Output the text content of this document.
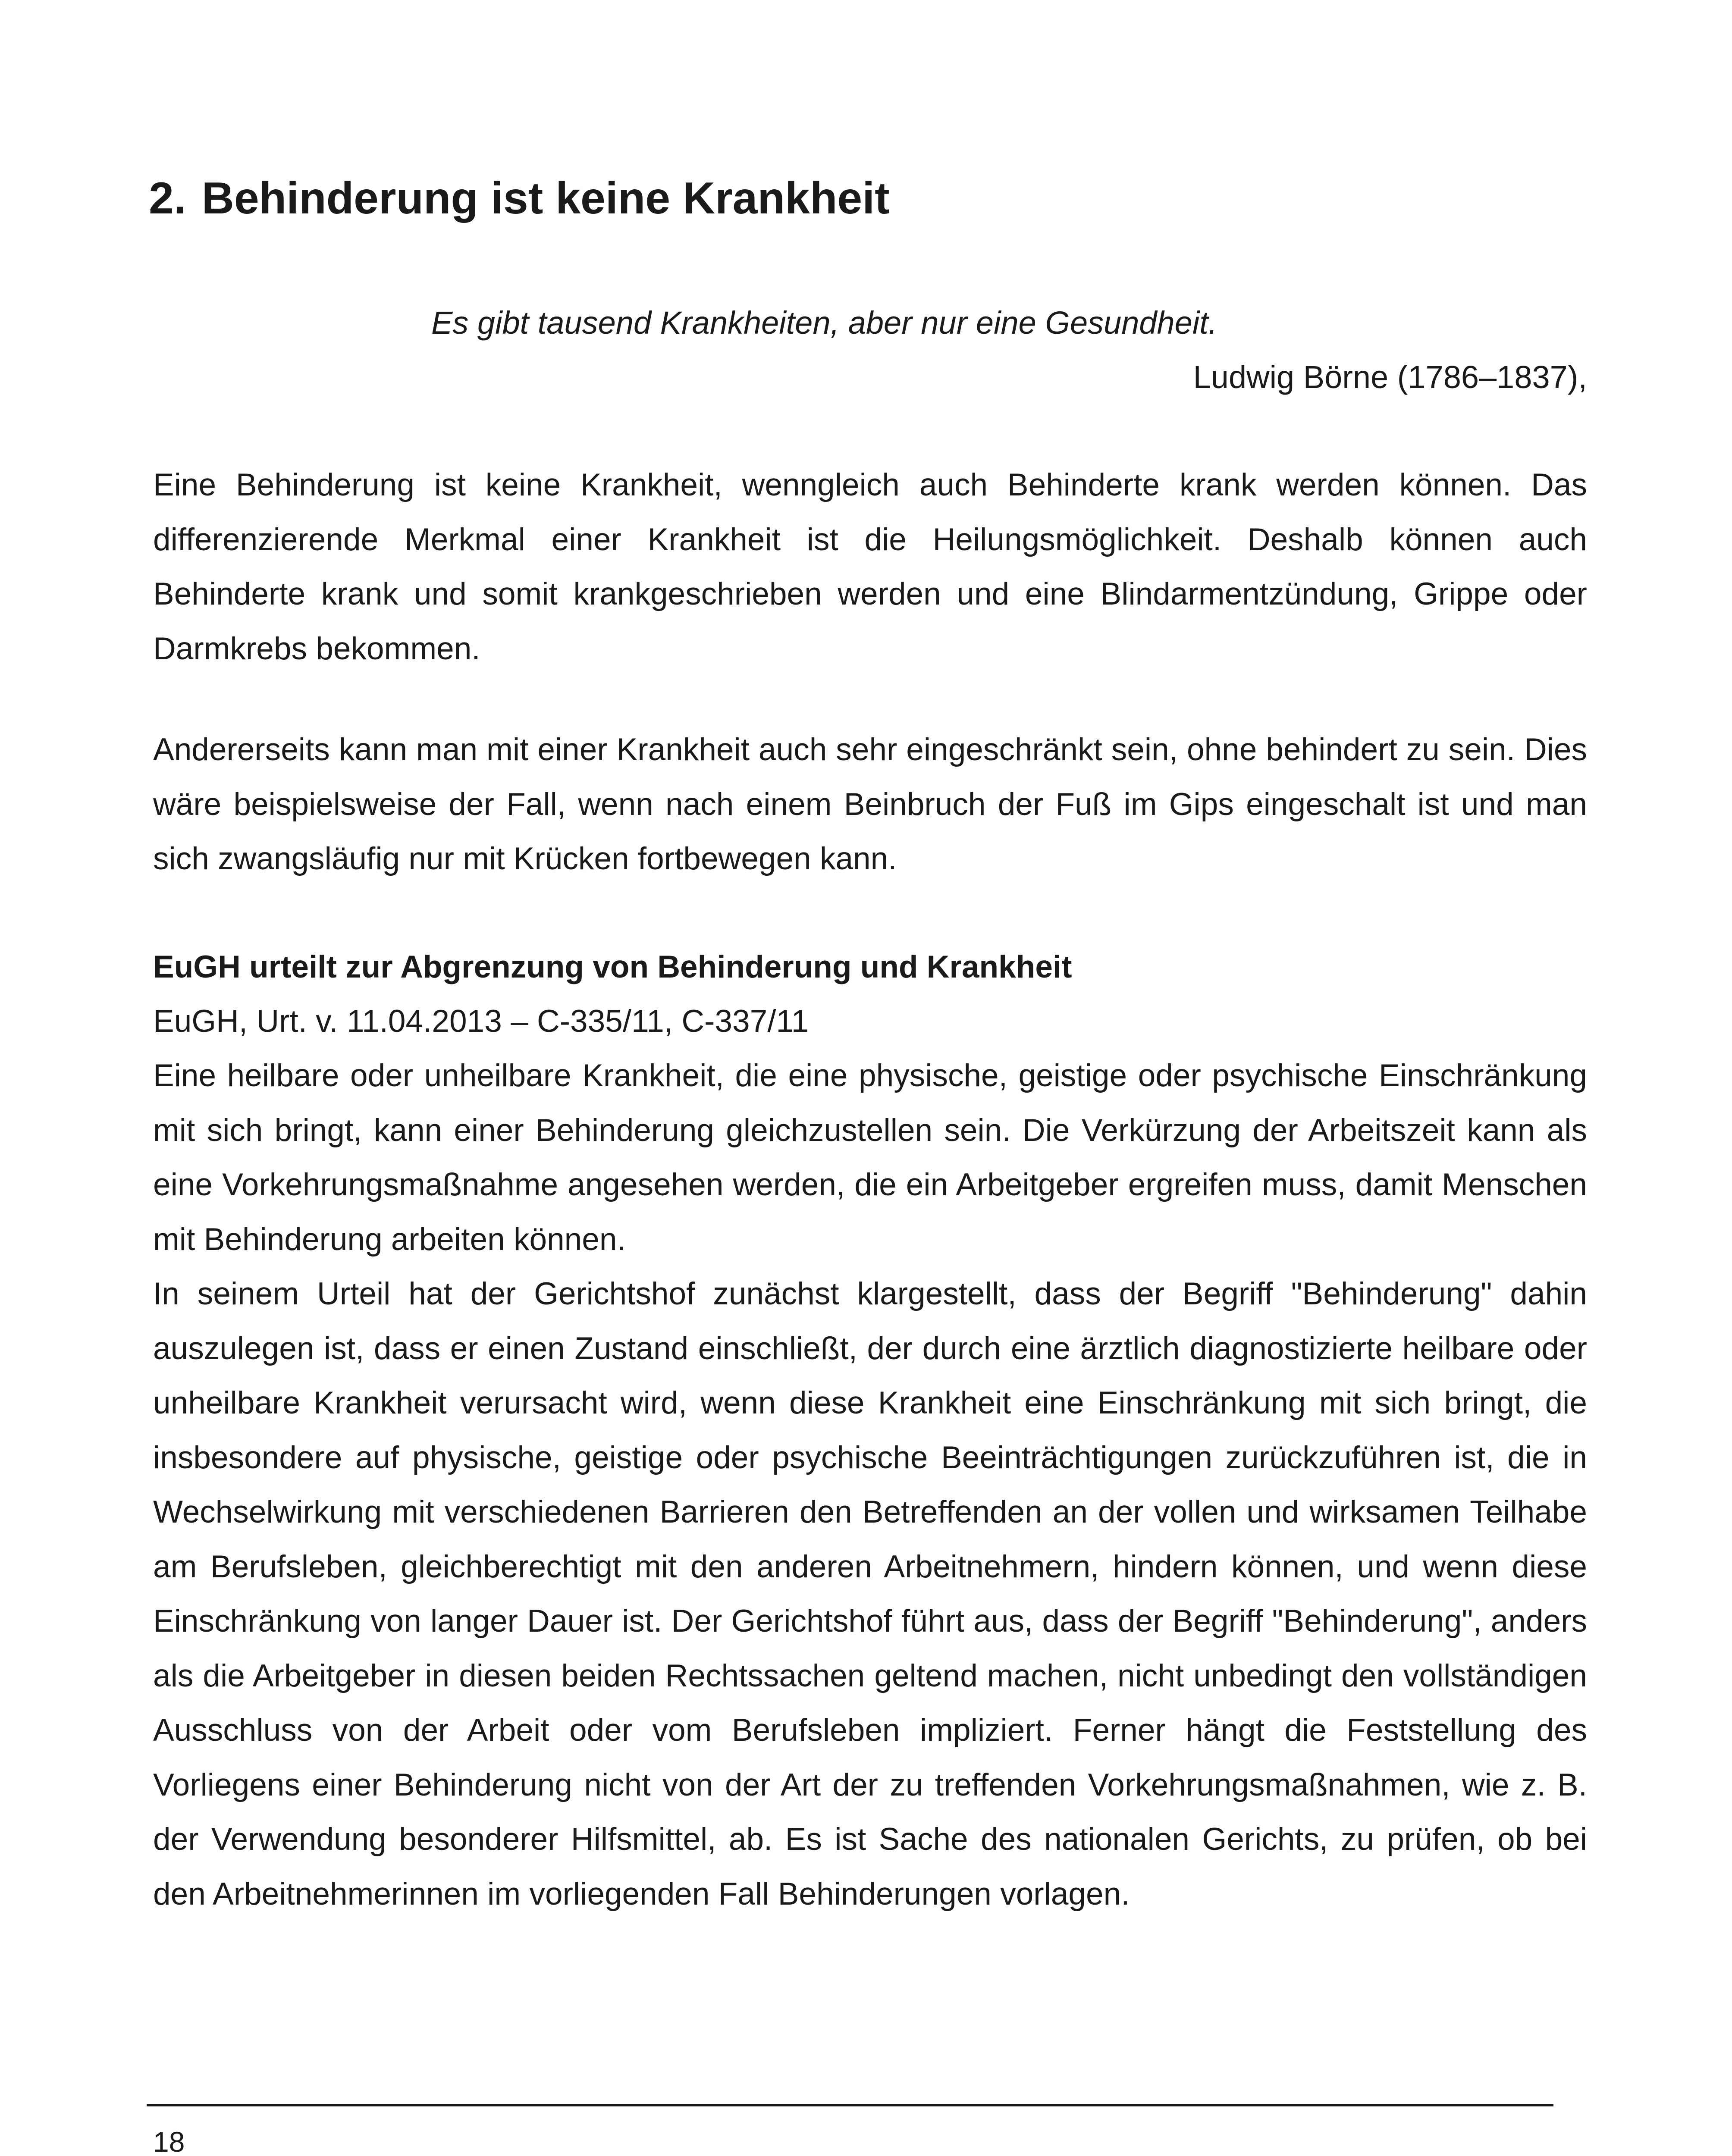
2. Behinderung ist keine Krankheit

Es gibt tausend Krankheiten, aber nur eine Gesundheit.

Ludwig Börne (1786–1837),

Eine Behinderung ist keine Krankheit, wenngleich auch Behinderte krank werden können. Das differenzierende Merkmal einer Krankheit ist die Heilungsmöglichkeit. Deshalb können auch Behinderte krank und somit krankgeschrieben werden und eine Blindarmentzündung, Grippe oder Darmkrebs bekommen.

Andererseits kann man mit einer Krankheit auch sehr eingeschränkt sein, ohne behindert zu sein. Dies wäre beispielsweise der Fall, wenn nach einem Beinbruch der Fuß im Gips eingeschalt ist und man sich zwangsläufig nur mit Krücken fortbewegen kann.

EuGH urteilt zur Abgrenzung von Behinderung und Krankheit

EuGH, Urt. v. 11.04.2013 – C-335/11, C-337/11

Eine heilbare oder unheilbare Krankheit, die eine physische, geistige oder psychische Einschränkung mit sich bringt, kann einer Behinderung gleichzustellen sein. Die Verkürzung der Arbeitszeit kann als eine Vorkehrungsmaßnahme angesehen werden, die ein Arbeitgeber ergreifen muss, damit Menschen mit Behinderung arbeiten können.

In seinem Urteil hat der Gerichtshof zunächst klargestellt, dass der Begriff "Behinderung" dahin auszulegen ist, dass er einen Zustand einschließt, der durch eine ärztlich diagnostizierte heilbare oder unheilbare Krankheit verursacht wird, wenn diese Krankheit eine Einschränkung mit sich bringt, die insbesondere auf physische, geistige oder psychische Beeinträchtigungen zurückzuführen ist, die in Wechselwirkung mit verschiedenen Barrieren den Betreffenden an der vollen und wirksamen Teilhabe am Berufsleben, gleichberechtigt mit den anderen Arbeitnehmern, hindern können, und wenn diese Einschränkung von langer Dauer ist. Der Gerichtshof führt aus, dass der Begriff "Behinderung", anders als die Arbeitgeber in diesen beiden Rechtssachen geltend machen, nicht unbedingt den vollständigen Ausschluss von der Arbeit oder vom Berufsleben impliziert. Ferner hängt die Feststellung des Vorliegens einer Behinderung nicht von der Art der zu treffenden Vorkehrungsmaßnahmen, wie z. B. der Verwendung besonderer Hilfsmittel, ab. Es ist Sache des nationalen Gerichts, zu prüfen, ob bei den Arbeitnehmerinnen im vorliegenden Fall Behinderungen vorlagen.

18
